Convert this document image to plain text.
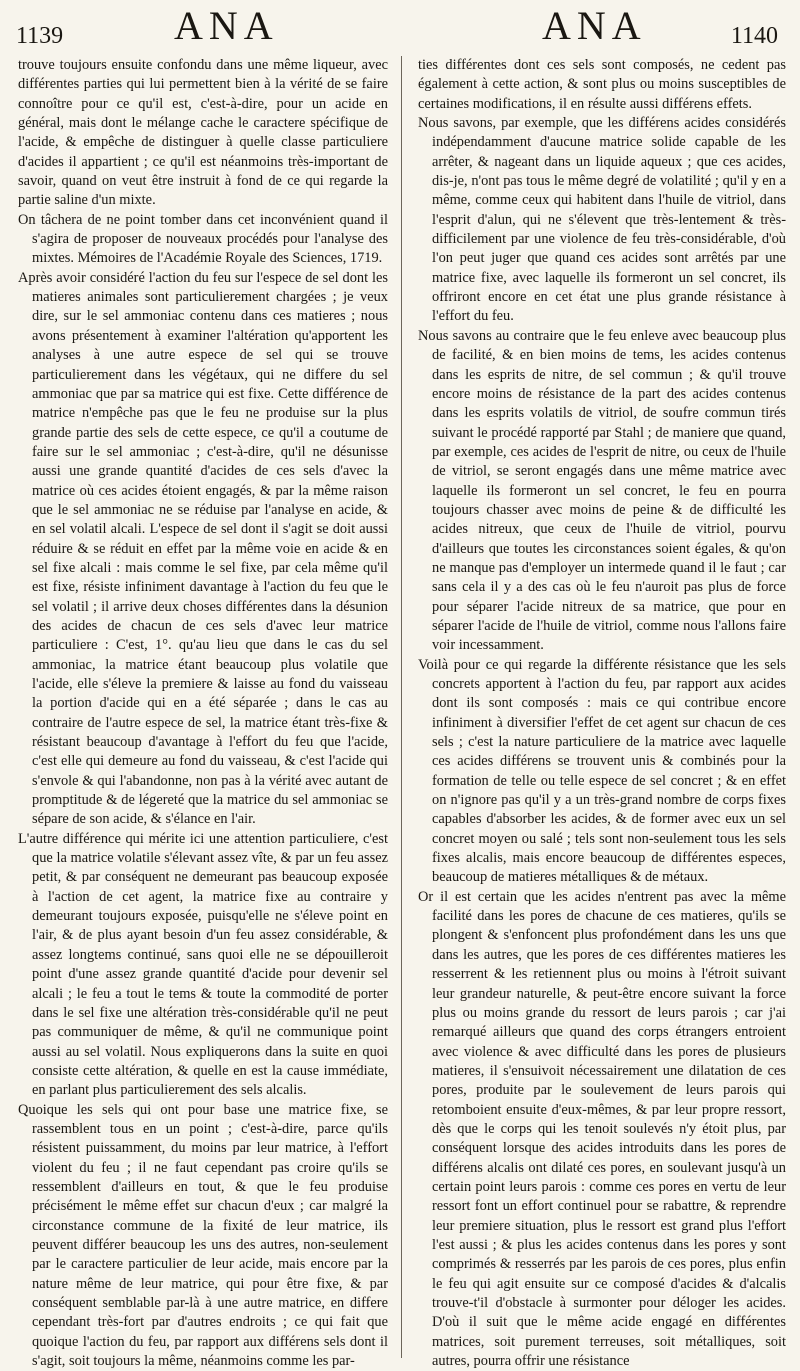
1139	ANA	ANA	1140

trouve toujours ensuite confondu dans une même liqueur, avec différentes parties qui lui permettent bien à la vérité de se faire connoître pour ce qu'il est, c'est-à-dire, pour un acide en général, mais dont le mélange cache le caractere spécifique de l'acide, & empêche de distinguer à quelle classe particuliere d'acides il appartient ; ce qu'il est néanmoins très-important de savoir, quand on veut être instruit à fond de ce qui regarde la partie saline d'un mixte.

On tâchera de ne point tomber dans cet inconvénient quand il s'agira de proposer de nouveaux procédés pour l'analyse des mixtes. Mémoires de l'Académie Royale des Sciences, 1719.

Après avoir considéré l'action du feu sur l'espece de sel dont les matieres animales sont particulierement chargées ; je veux dire, sur le sel ammoniac contenu dans ces matieres ; nous avons présentement à examiner l'altération qu'apportent les analyses à une autre espece de sel qui se trouve particulierement dans les végétaux, qui ne differe du sel ammoniac que par sa matrice qui est fixe. Cette différence de matrice n'empêche pas que le feu ne produise sur la plus grande partie des sels de cette espece, ce qu'il a coutume de faire sur le sel ammoniac ; c'est-à-dire, qu'il ne désunisse aussi une grande quantité d'acides de ces sels d'avec la matrice où ces acides étoient engagés, & par la même raison que le sel ammoniac ne se réduise par l'analyse en acide, & en sel volatil alcali. L'espece de sel dont il s'agit se doit aussi réduire & se réduit en effet par la même voie en acide & en sel fixe alcali : mais comme le sel fixe, par cela même qu'il est fixe, résiste infiniment davantage à l'action du feu que le sel volatil ; il arrive deux choses différentes dans la désunion des acides de chacun de ces sels d'avec leur matrice particuliere : C'est, 1°. qu'au lieu que dans le cas du sel ammoniac, la matrice étant beaucoup plus volatile que l'acide, elle s'éleve la premiere & laisse au fond du vaisseau la portion d'acide qui en a été séparée ; dans le cas au contraire de l'autre espece de sel, la matrice étant très-fixe & résistant beaucoup d'avantage à l'effort du feu que l'acide, c'est elle qui demeure au fond du vaisseau, & c'est l'acide qui s'envole & qui l'abandonne, non pas à la vérité avec autant de promptitude & de légereté que la matrice du sel ammoniac se sépare de son acide, & s'élance en l'air.

L'autre différence qui mérite ici une attention particuliere, c'est que la matrice volatile s'élevant assez vîte, & par un feu assez petit, & par conséquent ne demeurant pas beaucoup exposée à l'action de cet agent, la matrice fixe au contraire y demeurant toujours exposée, puisqu'elle ne s'éleve point en l'air, & de plus ayant besoin d'un feu assez considérable, & assez longtems continué, sans quoi elle ne se dépouilleroit point d'une assez grande quantité d'acide pour devenir sel alcali ; le feu a tout le tems & toute la commodité de porter dans le sel fixe une altération très-considérable qu'il ne peut pas communiquer de même, & qu'il ne communique point aussi au sel volatil. Nous expliquerons dans la suite en quoi consiste cette altération, & quelle en est la cause immédiate, en parlant plus particulierement des sels alcalis.

Quoique les sels qui ont pour base une matrice fixe, se rassemblent tous en un point ; c'est-à-dire, parce qu'ils résistent puissamment, du moins par leur matrice, à l'effort violent du feu ; il ne faut cependant pas croire qu'ils se ressemblent d'ailleurs en tout, & que le feu produise précisément le même effet sur chacun d'eux ; car malgré la circonstance commune de la fixité de leur matrice, ils peuvent différer beaucoup les uns des autres, non-seulement par le caractere particulier de leur acide, mais encore par la nature même de leur matrice, qui pour être fixe, & par conséquent semblable par-là à une autre matrice, en differe cependant très-fort par d'autres endroits ; ce qui fait que quoique l'action du feu, par rapport aux différens sels dont il s'agit, soit toujours la même, néanmoins comme les par-

ties différentes dont ces sels sont composés, ne cedent pas également à cette action, & sont plus ou moins susceptibles de certaines modifications, il en résulte aussi différens effets.

Nous savons, par exemple, que les différens acides considérés indépendamment d'aucune matrice solide capable de les arrêter, & nageant dans un liquide aqueux ; que ces acides, dis-je, n'ont pas tous le même degré de volatilité ; qu'il y en a même, comme ceux qui habitent dans l'huile de vitriol, dans l'esprit d'alun, qui ne s'élevent que très-lentement & très-difficilement par une violence de feu très-considérable, d'où l'on peut juger que quand ces acides sont arrêtés par une matrice fixe, avec laquelle ils formeront un sel concret, ils offriront encore en cet état une plus grande résistance à l'effort du feu.

Nous savons au contraire que le feu enleve avec beaucoup plus de facilité, & en bien moins de tems, les acides contenus dans les esprits de nitre, de sel commun ; & qu'il trouve encore moins de résistance de la part des acides contenus dans les esprits volatils de vitriol, de soufre commun tirés suivant le procédé rapporté par Stahl ; de maniere que quand, par exemple, ces acides de l'esprit de nitre, ou ceux de l'huile de vitriol, se seront engagés dans une même matrice avec laquelle ils formeront un sel concret, le feu en pourra toujours chasser avec moins de peine & de difficulté les acides nitreux, que ceux de l'huile de vitriol, pourvu d'ailleurs que toutes les circonstances soient égales, & qu'on ne manque pas d'employer un intermede quand il le faut ; car sans cela il y a des cas où le feu n'auroit pas plus de force pour séparer l'acide nitreux de sa matrice, que pour en séparer l'acide de l'huile de vitriol, comme nous l'allons faire voir incessamment.

Voilà pour ce qui regarde la différente résistance que les sels concrets apportent à l'action du feu, par rapport aux acides dont ils sont composés : mais ce qui contribue encore infiniment à diversifier l'effet de cet agent sur chacun de ces sels ; c'est la nature particuliere de la matrice avec laquelle ces acides différens se trouvent unis & combinés pour la formation de telle ou telle espece de sel concret ; & en effet on n'ignore pas qu'il y a un très-grand nombre de corps fixes capables d'absorber les acides, & de former avec eux un sel concret moyen ou salé ; tels sont non-seulement tous les sels fixes alcalis, mais encore beaucoup de différentes especes, beaucoup de matieres métalliques & de métaux.

Or il est certain que les acides n'entrent pas avec la même facilité dans les pores de chacune de ces matieres, qu'ils se plongent & s'enfoncent plus profondément dans les uns que dans les autres, que les pores de ces différentes matieres les resserrent & les retiennent plus ou moins à l'étroit suivant leur grandeur naturelle, & peut-être encore suivant la force plus ou moins grande du ressort de leurs parois ; car j'ai remarqué ailleurs que quand des corps étrangers entroient avec violence & avec difficulté dans les pores de plusieurs matieres, il s'ensuivoit nécessairement une dilatation de ces pores, produite par le soulevement de leurs parois qui retomboient ensuite d'eux-mêmes, & par leur propre ressort, dès que le corps qui les tenoit soulevés n'y étoit plus, par conséquent lorsque des acides introduits dans les pores de différens alcalis ont dilaté ces pores, en soulevant jusqu'à un certain point leurs parois : comme ces pores en vertu de leur ressort font un effort continuel pour se rabattre, & reprendre leur premiere situation, plus le ressort est grand plus l'effort l'est aussi ; & plus les acides contenus dans les pores y sont comprimés & resserrés par les parois de ces pores, plus enfin le feu qui agit ensuite sur ce composé d'acides & d'alcalis trouve-t'il d'obstacle à surmonter pour déloger les acides. D'où il suit que le même acide engagé en différentes matrices, soit purement terreuses, soit métalliques, soit autres, pourra offrir une résistance
